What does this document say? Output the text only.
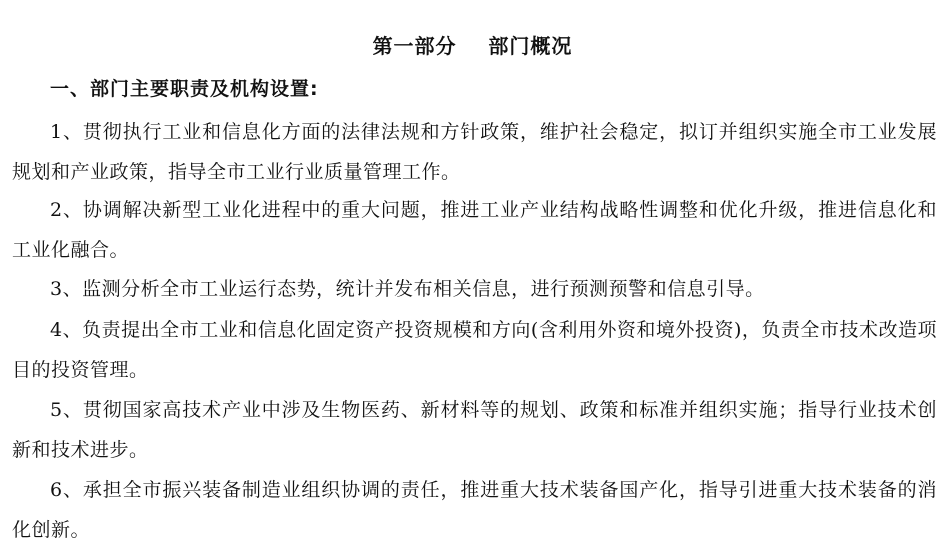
第一部分    部门概况
一、部门主要职责及机构设置:

1、贯彻执行工业和信息化方面的法律法规和方针政策，维护社会稳定，拟订并组织实施全市工业发展规划和产业政策，指导全市工业行业质量管理工作。

2、协调解决新型工业化进程中的重大问题，推进工业产业结构战略性调整和优化升级，推进信息化和工业化融合。

3、监测分析全市工业运行态势，统计并发布相关信息，进行预测预警和信息引导。

4、负责提出全市工业和信息化固定资产投资规模和方向(含利用外资和境外投资)，负责全市技术改造项目的投资管理。

5、贯彻国家高技术产业中涉及生物医药、新材料等的规划、政策和标准并组织实施；指导行业技术创新和技术进步。

6、承担全市振兴装备制造业组织协调的责任，推进重大技术装备国产化，指导引进重大技术装备的消化创新。
